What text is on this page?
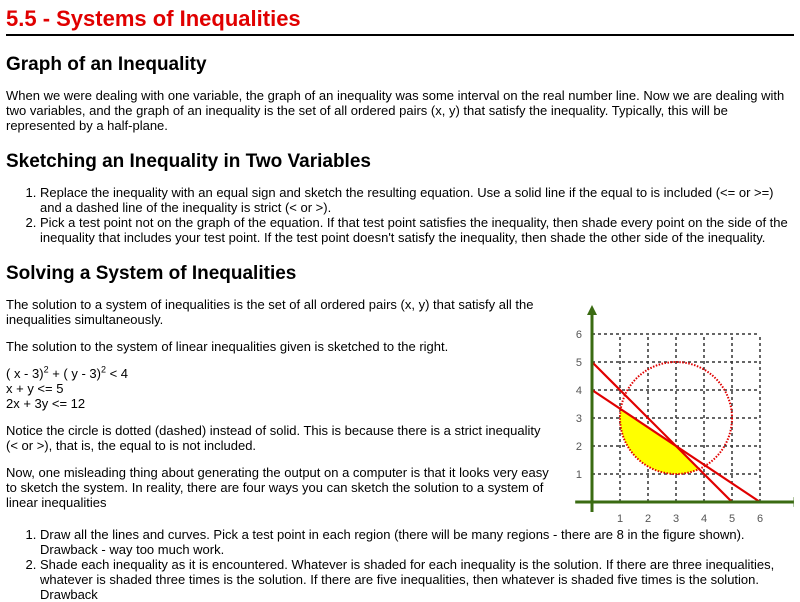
5.5 - Systems of Inequalities
Graph of an Inequality

When we were dealing with one variable, the graph of an inequality was some interval on the real number line. Now we are dealing with two variables, and the graph of an inequality is the set of all ordered pairs (x, y) that satisfy the inequality. Typically, this will be represented by a half-plane.

Sketching an Inequality in Two Variables
1. Replace the inequality with an equal sign and sketch the resulting equation. Use a solid line if the equal to is included (<= or >=) and a dashed line of the inequality is strict (< or >).
2. Pick a test point not on the graph of the equation. If that test point satisfies the inequality, then shade every point on the side of the inequality that includes your test point. If the test point doesn't satisfy the inequality, then shade the other side of the inequality.
Solving a System of Inequalities

The solution to a system of inequalities is the set of all ordered pairs (x, y) that satisfy all the inequalities simultaneously.

The solution to the system of linear inequalities given is sketched to the right.

( x - 3)$^2$ + ( y - 3)$^2$ < 4
x + y <= 5
2x + 3y <= 12

Notice the circle is dotted (dashed) instead of solid. This is because there is a strict inequality (< or >), that is, the equal to is not included.

Now, one misleading thing about generating the output on a computer is that it looks very easy to sketch the system. In reality, there are four ways you can sketch the solution to a system of linear inequalities

1 2 3 4 5 6
1
2
3
4
5
6
1. Draw all the lines and curves. Pick a test point in each region (there will be many regions - there are 8 in the figure shown). Drawback - way too much work.
2. Shade each inequality as it is encountered. Whatever is shaded for each inequality is the solution. If there are three inequalities, whatever is shaded three times is the solution. If there are five inequalities, then whatever is shaded five times is the solution. Drawback
